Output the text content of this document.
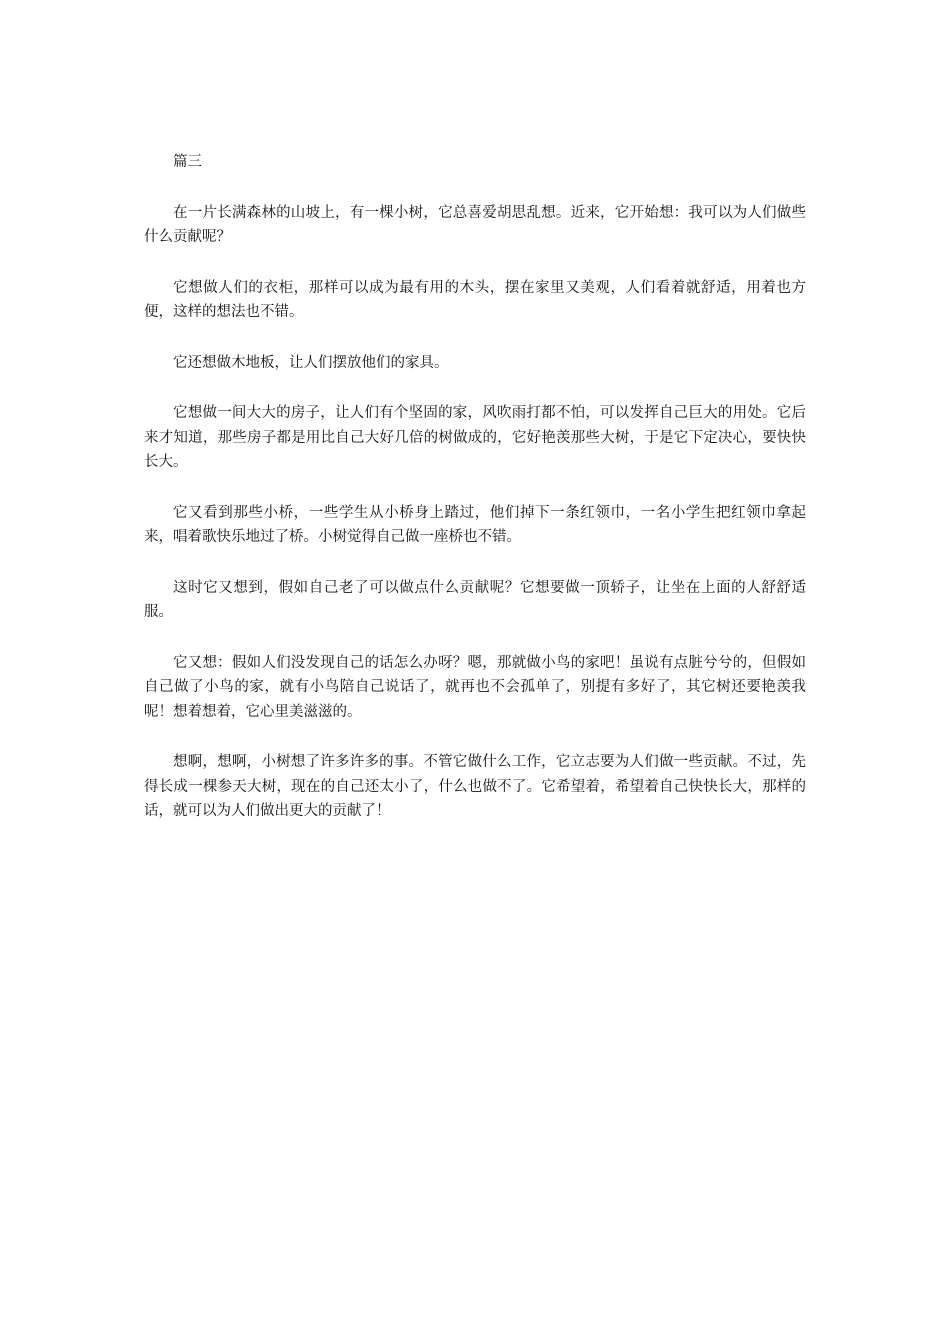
篇三

在一片长满森林的山坡上，有一棵小树，它总喜爱胡思乱想。近来，它开始想：我可以为人们做些什么贡献呢？

它想做人们的衣柜，那样可以成为最有用的木头，摆在家里又美观，人们看着就舒适，用着也方便，这样的想法也不错。

它还想做木地板，让人们摆放他们的家具。

它想做一间大大的房子，让人们有个坚固的家，风吹雨打都不怕，可以发挥自己巨大的用处。它后来才知道，那些房子都是用比自己大好几倍的树做成的，它好艳羡那些大树，于是它下定决心，要快快长大。

它又看到那些小桥，一些学生从小桥身上踏过，他们掉下一条红领巾，一名小学生把红领巾拿起来，唱着歌快乐地过了桥。小树觉得自己做一座桥也不错。

这时它又想到，假如自己老了可以做点什么贡献呢？它想要做一顶轿子，让坐在上面的人舒舒适服。

它又想：假如人们没发现自己的话怎么办呀？嗯，那就做小鸟的家吧！虽说有点脏兮兮的，但假如自己做了小鸟的家，就有小鸟陪自己说话了，就再也不会孤单了，别提有多好了，其它树还要艳羡我呢！想着想着，它心里美滋滋的。

想啊，想啊，小树想了许多许多的事。不管它做什么工作，它立志要为人们做一些贡献。不过，先得长成一棵参天大树，现在的自己还太小了，什么也做不了。它希望着，希望着自己快快长大，那样的话，就可以为人们做出更大的贡献了！
